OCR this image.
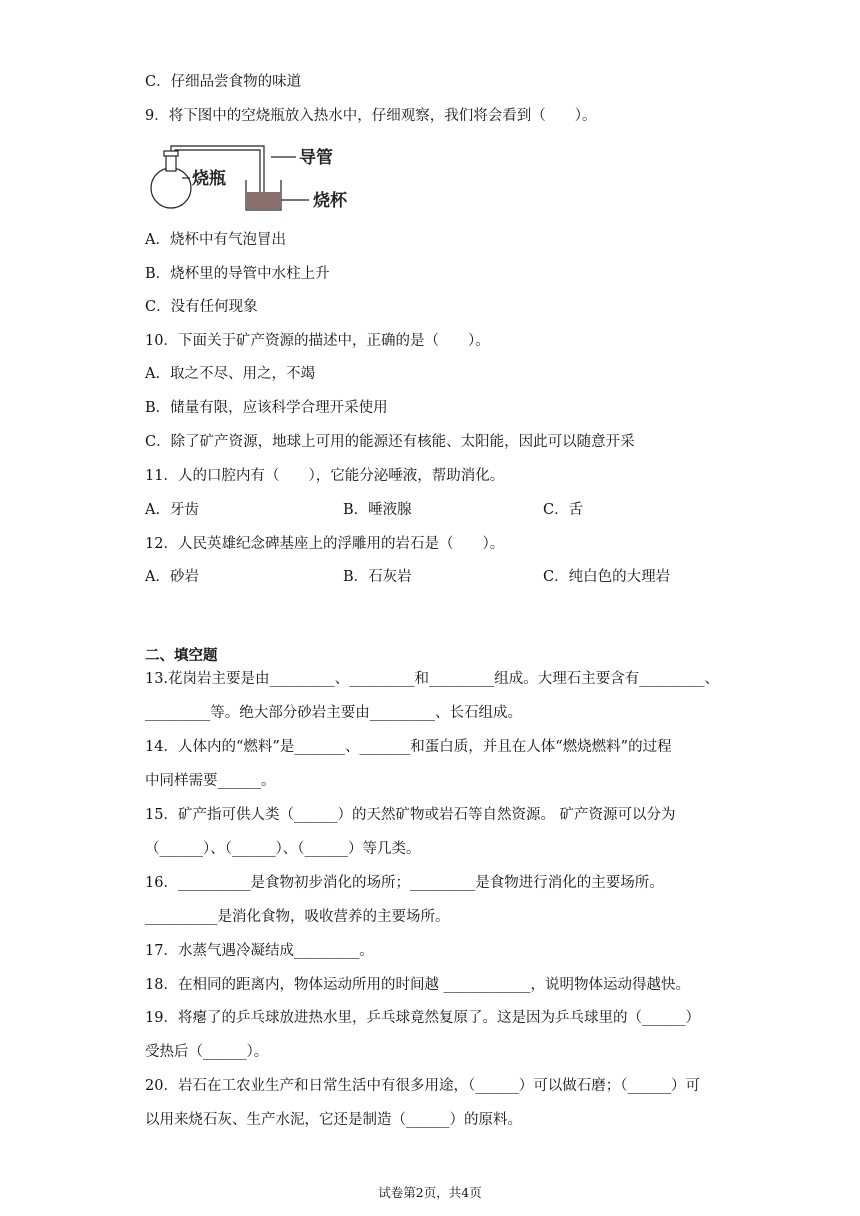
C．仔细品尝食物的味道
9．将下图中的空烧瓶放入热水中，仔细观察，我们将会看到（　　）。
烧瓶
导管
烧杯
A．烧杯中有气泡冒出
B．烧杯里的导管中水柱上升
C．没有任何现象
10．下面关于矿产资源的描述中，正确的是（　　）。
A．取之不尽、用之，不竭
B．储量有限，应该科学合理开采使用
C．除了矿产资源，地球上可用的能源还有核能、太阳能，因此可以随意开采
11．人的口腔内有（　　），它能分泌唾液，帮助消化。
A．牙齿	B．唾液腺	C．舌
12．人民英雄纪念碑基座上的浮雕用的岩石是（　　）。
A．砂岩	B．石灰岩	C．纯白色的大理岩
二、填空题
13.花岗岩主要是由_________、_________和_________组成。大理石主要含有_________、
_________等。绝大部分砂岩主要由_________、长石组成。
14．人体内的“燃料”是_______、_______和蛋白质，并且在人体“燃烧燃料”的过程
中同样需要______。
15．矿产指可供人类（______）的天然矿物或岩石等自然资源。 矿产资源可以分为
（______）、（______）、（______）等几类。
16．__________是食物初步消化的场所；_________是食物进行消化的主要场所。
__________是消化食物，吸收营养的主要场所。
17．水蒸气遇冷凝结成_________。
18．在相同的距离内，物体运动所用的时间越 ____________，说明物体运动得越快。
19．将瘪了的乒乓球放进热水里，乒乓球竟然复原了。这是因为乒乓球里的（______）
受热后（______）。
20．岩石在工农业生产和日常生活中有很多用途，（______）可以做石磨；（______）可
以用来烧石灰、生产水泥，它还是制造（______）的原料。
试卷第2页，共4页
